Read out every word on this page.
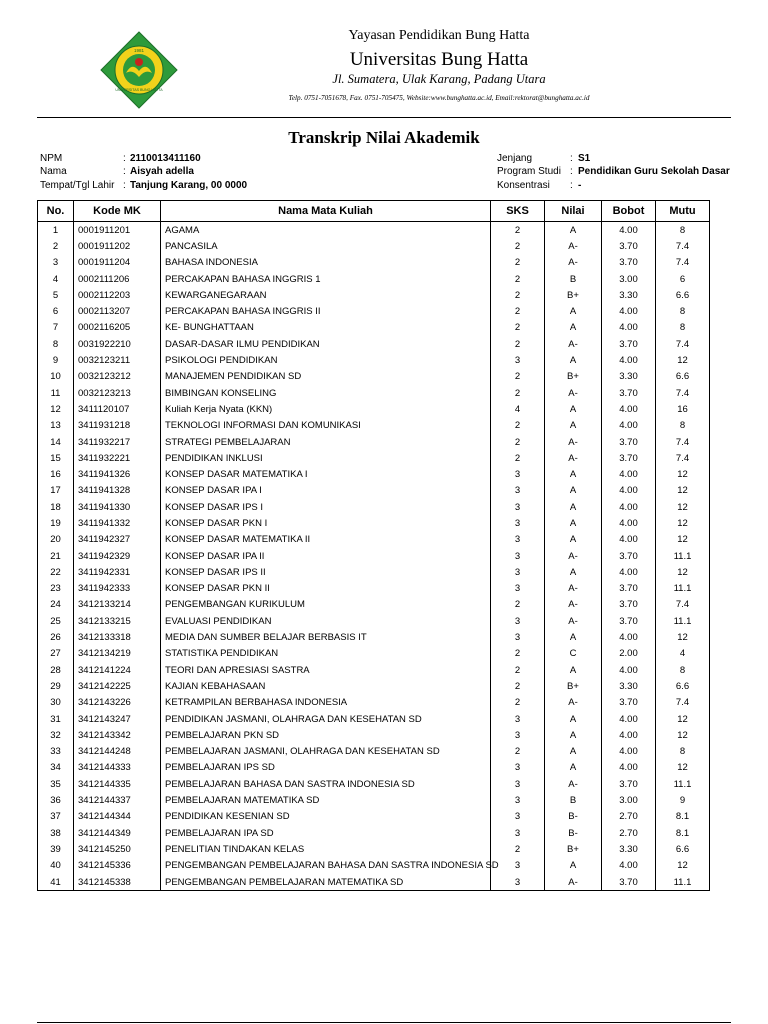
1981
UNIVERSITAS BUNG HATTA
Yayasan Pendidikan Bung Hatta
Universitas Bung Hatta
Jl. Sumatera, Ulak Karang, Padang Utara
Telp. 0751-7051678, Fax. 0751-705475, Website:www.bunghatta.ac.id, Email:rektorat@bunghatta.ac.id
Transkrip Nilai Akademik
NPM	: 2110013411160
Nama	: Aisyah adella
Tempat/Tgl Lahir : Tanjung Karang, 00 0000
Jenjang	: S1
Program Studi : Pendidikan Guru Sekolah Dasar
Konsentrasi : -
No.	Kode MK	Nama Mata Kuliah	SKS	Nilai	Bobot	Mutu
1	0001911201	AGAMA	2	A	4.00	8
2	0001911202	PANCASILA	2	A-	3.70	7.4
3	0001911204	BAHASA INDONESIA	2	A-	3.70	7.4
4	0002111206	PERCAKAPAN BAHASA INGGRIS 1	2	B	3.00	6
5	0002112203	KEWARGANEGARAAN	2	B+	3.30	6.6
6	0002113207	PERCAKAPAN BAHASA INGGRIS II	2	A	4.00	8
7	0002116205	KE- BUNGHATTAAN	2	A	4.00	8
8	0031922210	DASAR-DASAR ILMU PENDIDIKAN	2	A-	3.70	7.4
9	0032123211	PSIKOLOGI PENDIDIKAN	3	A	4.00	12
10	0032123212	MANAJEMEN PENDIDIKAN SD	2	B+	3.30	6.6
11	0032123213	BIMBINGAN KONSELING	2	A-	3.70	7.4
12	3411120107	Kuliah Kerja Nyata (KKN)	4	A	4.00	16
13	3411931218	TEKNOLOGI INFORMASI DAN KOMUNIKASI	2	A	4.00	8
14	3411932217	STRATEGI PEMBELAJARAN	2	A-	3.70	7.4
15	3411932221	PENDIDIKAN INKLUSI	2	A-	3.70	7.4
16	3411941326	KONSEP DASAR MATEMATIKA I	3	A	4.00	12
17	3411941328	KONSEP DASAR IPA I	3	A	4.00	12
18	3411941330	KONSEP DASAR IPS I	3	A	4.00	12
19	3411941332	KONSEP DASAR PKN I	3	A	4.00	12
20	3411942327	KONSEP DASAR MATEMATIKA II	3	A	4.00	12
21	3411942329	KONSEP DASAR IPA II	3	A-	3.70	11.1
22	3411942331	KONSEP DASAR IPS II	3	A	4.00	12
23	3411942333	KONSEP DASAR PKN II	3	A-	3.70	11.1
24	3412133214	PENGEMBANGAN KURIKULUM	2	A-	3.70	7.4
25	3412133215	EVALUASI PENDIDIKAN	3	A-	3.70	11.1
26	3412133318	MEDIA DAN SUMBER BELAJAR BERBASIS IT	3	A	4.00	12
27	3412134219	STATISTIKA PENDIDIKAN	2	C	2.00	4
28	3412141224	TEORI DAN APRESIASI SASTRA	2	A	4.00	8
29	3412142225	KAJIAN KEBAHASAAN	2	B+	3.30	6.6
30	3412143226	KETRAMPILAN BERBAHASA INDONESIA	2	A-	3.70	7.4
31	3412143247	PENDIDIKAN JASMANI, OLAHRAGA DAN KESEHATAN SD	3	A	4.00	12
32	3412143342	PEMBELAJARAN PKN SD	3	A	4.00	12
33	3412144248	PEMBELAJARAN JASMANI, OLAHRAGA DAN KESEHATAN SD	2	A	4.00	8
34	3412144333	PEMBELAJARAN IPS SD	3	A	4.00	12
35	3412144335	PEMBELAJARAN BAHASA DAN SASTRA INDONESIA SD	3	A-	3.70	11.1
36	3412144337	PEMBELAJARAN MATEMATIKA SD	3	B	3.00	9
37	3412144344	PENDIDIKAN KESENIAN SD	3	B-	2.70	8.1
38	3412144349	PEMBELAJARAN IPA SD	3	B-	2.70	8.1
39	3412145250	PENELITIAN TINDAKAN KELAS	2	B+	3.30	6.6
40	3412145336	PENGEMBANGAN PEMBELAJARAN BAHASA DAN SASTRA INDONESIA SD	3	A	4.00	12
41	3412145338	PENGEMBANGAN PEMBELAJARAN MATEMATIKA SD	3	A-	3.70	11.1
